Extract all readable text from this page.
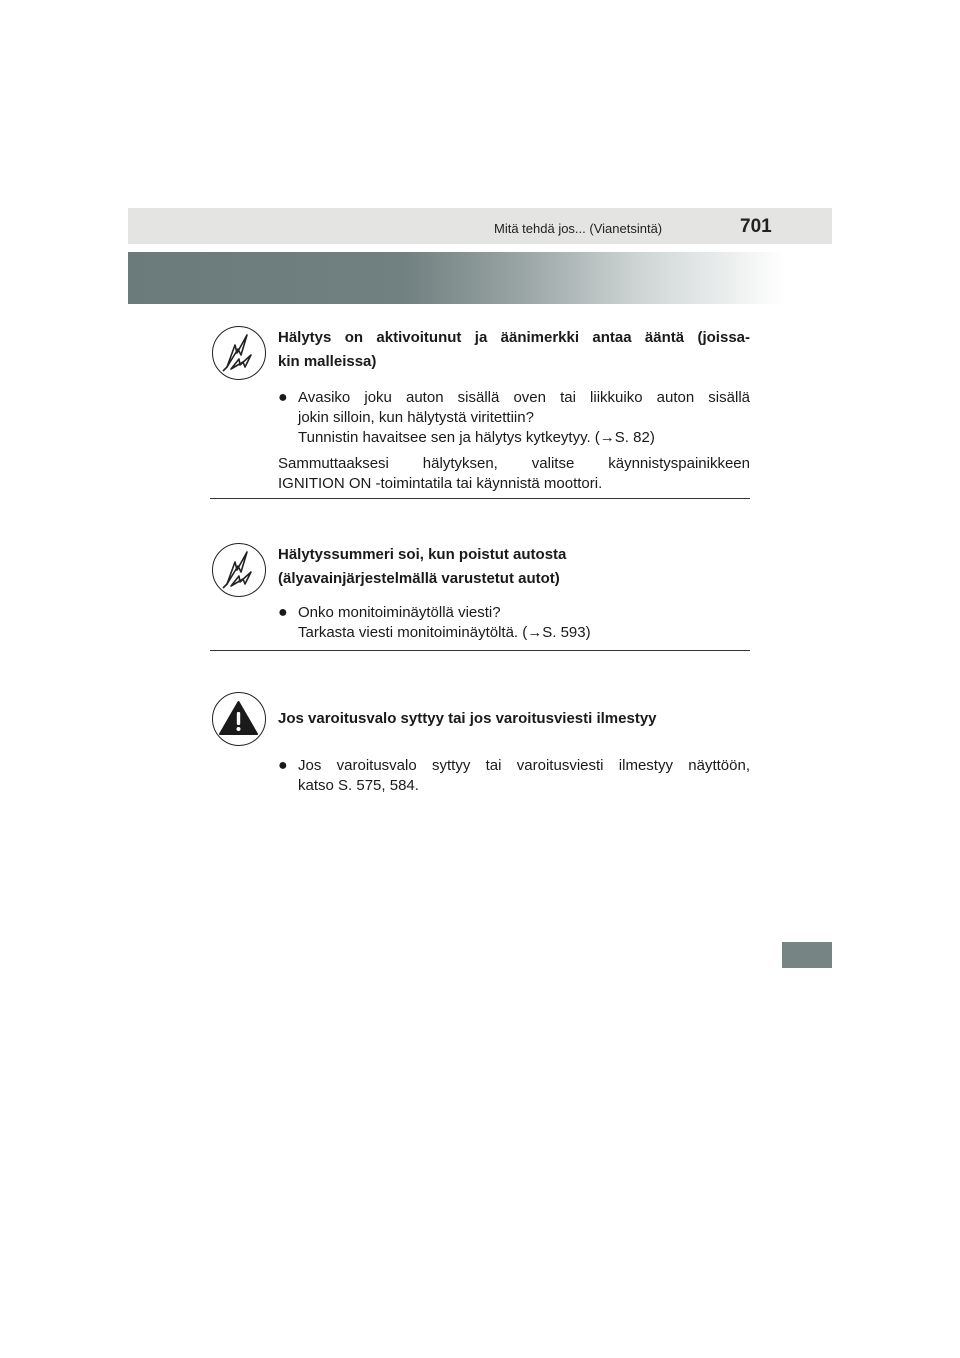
Mitä tehdä jos... (Vianetsintä)	701
Hälytys on aktivoitunut ja äänimerkki antaa ääntä (joissa-
kin malleissa)
● Avasiko joku auton sisällä oven tai liikkuiko auton sisällä
jokin silloin, kun hälytystä viritettiin?
Tunnistin havaitsee sen ja hälytys kytkeytyy. (→S. 82)
Sammuttaaksesi hälytyksen, valitse käynnistyspainikkeen
IGNITION ON -toimintatila tai käynnistä moottori.
Hälytyssummeri soi, kun poistut autosta
(älyavainjärjestelmällä varustetut autot)
● Onko monitoiminäytöllä viesti?
Tarkasta viesti monitoiminäytöltä. (→S. 593)
Jos varoitusvalo syttyy tai jos varoitusviesti ilmestyy
● Jos varoitusvalo syttyy tai varoitusviesti ilmestyy näyttöön,
katso S. 575, 584.
